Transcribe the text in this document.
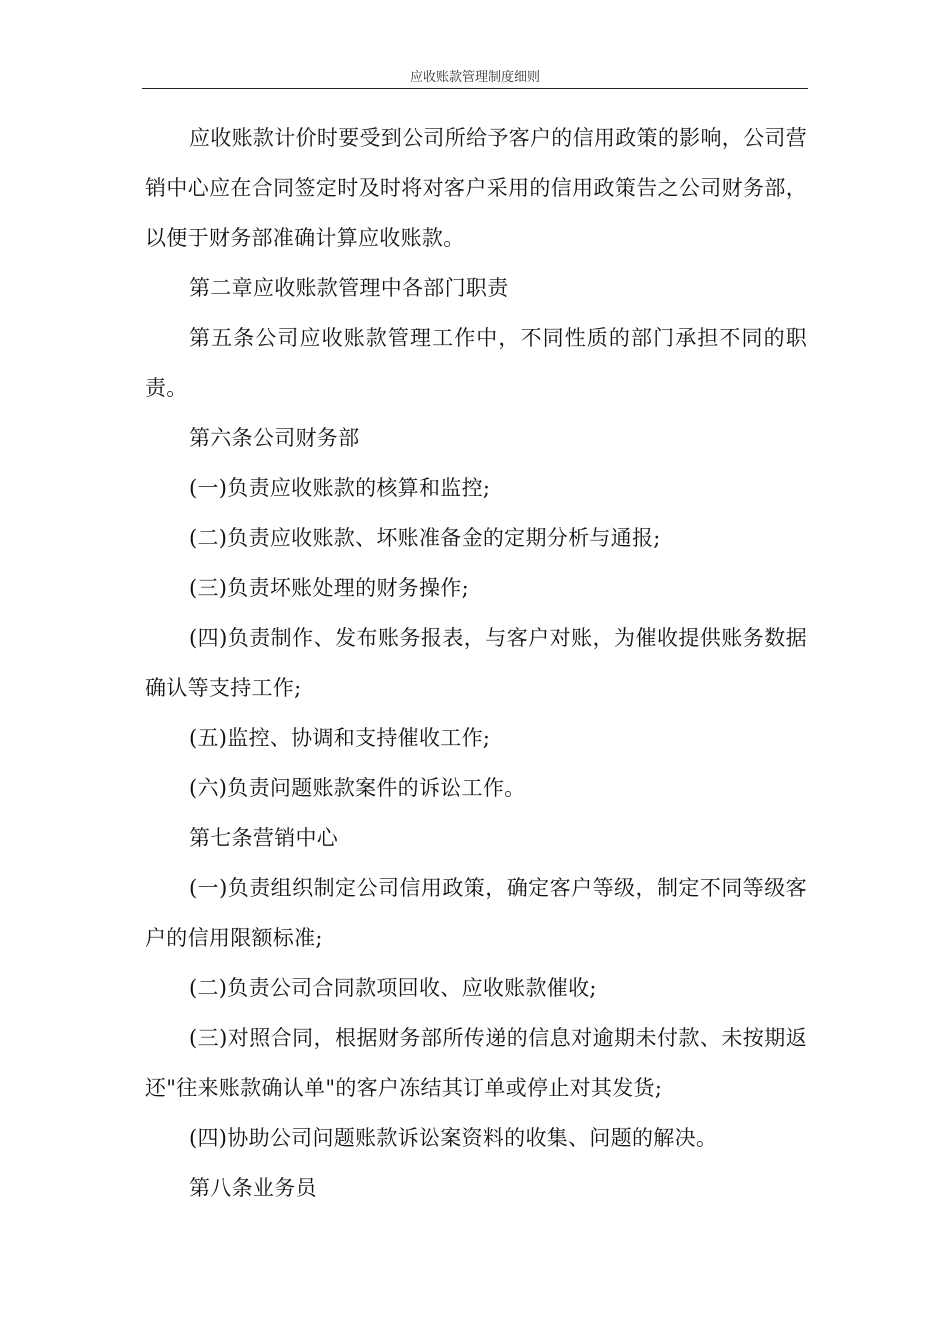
应收账款管理制度细则

应收账款计价时要受到公司所给予客户的信用政策的影响，公司营销中心应在合同签定时及时将对客户采用的信用政策告之公司财务部，以便于财务部准确计算应收账款。

第二章应收账款管理中各部门职责

第五条公司应收账款管理工作中，不同性质的部门承担不同的职责。

第六条公司财务部

(一)负责应收账款的核算和监控;

(二)负责应收账款、坏账准备金的定期分析与通报;

(三)负责坏账处理的财务操作;

(四)负责制作、发布账务报表，与客户对账，为催收提供账务数据确认等支持工作;

(五)监控、协调和支持催收工作;

(六)负责问题账款案件的诉讼工作。

第七条营销中心

(一)负责组织制定公司信用政策，确定客户等级，制定不同等级客户的信用限额标准;

(二)负责公司合同款项回收、应收账款催收;

(三)对照合同，根据财务部所传递的信息对逾期未付款、未按期返还"往来账款确认单"的客户冻结其订单或停止对其发货;

(四)协助公司问题账款诉讼案资料的收集、问题的解决。

第八条业务员
